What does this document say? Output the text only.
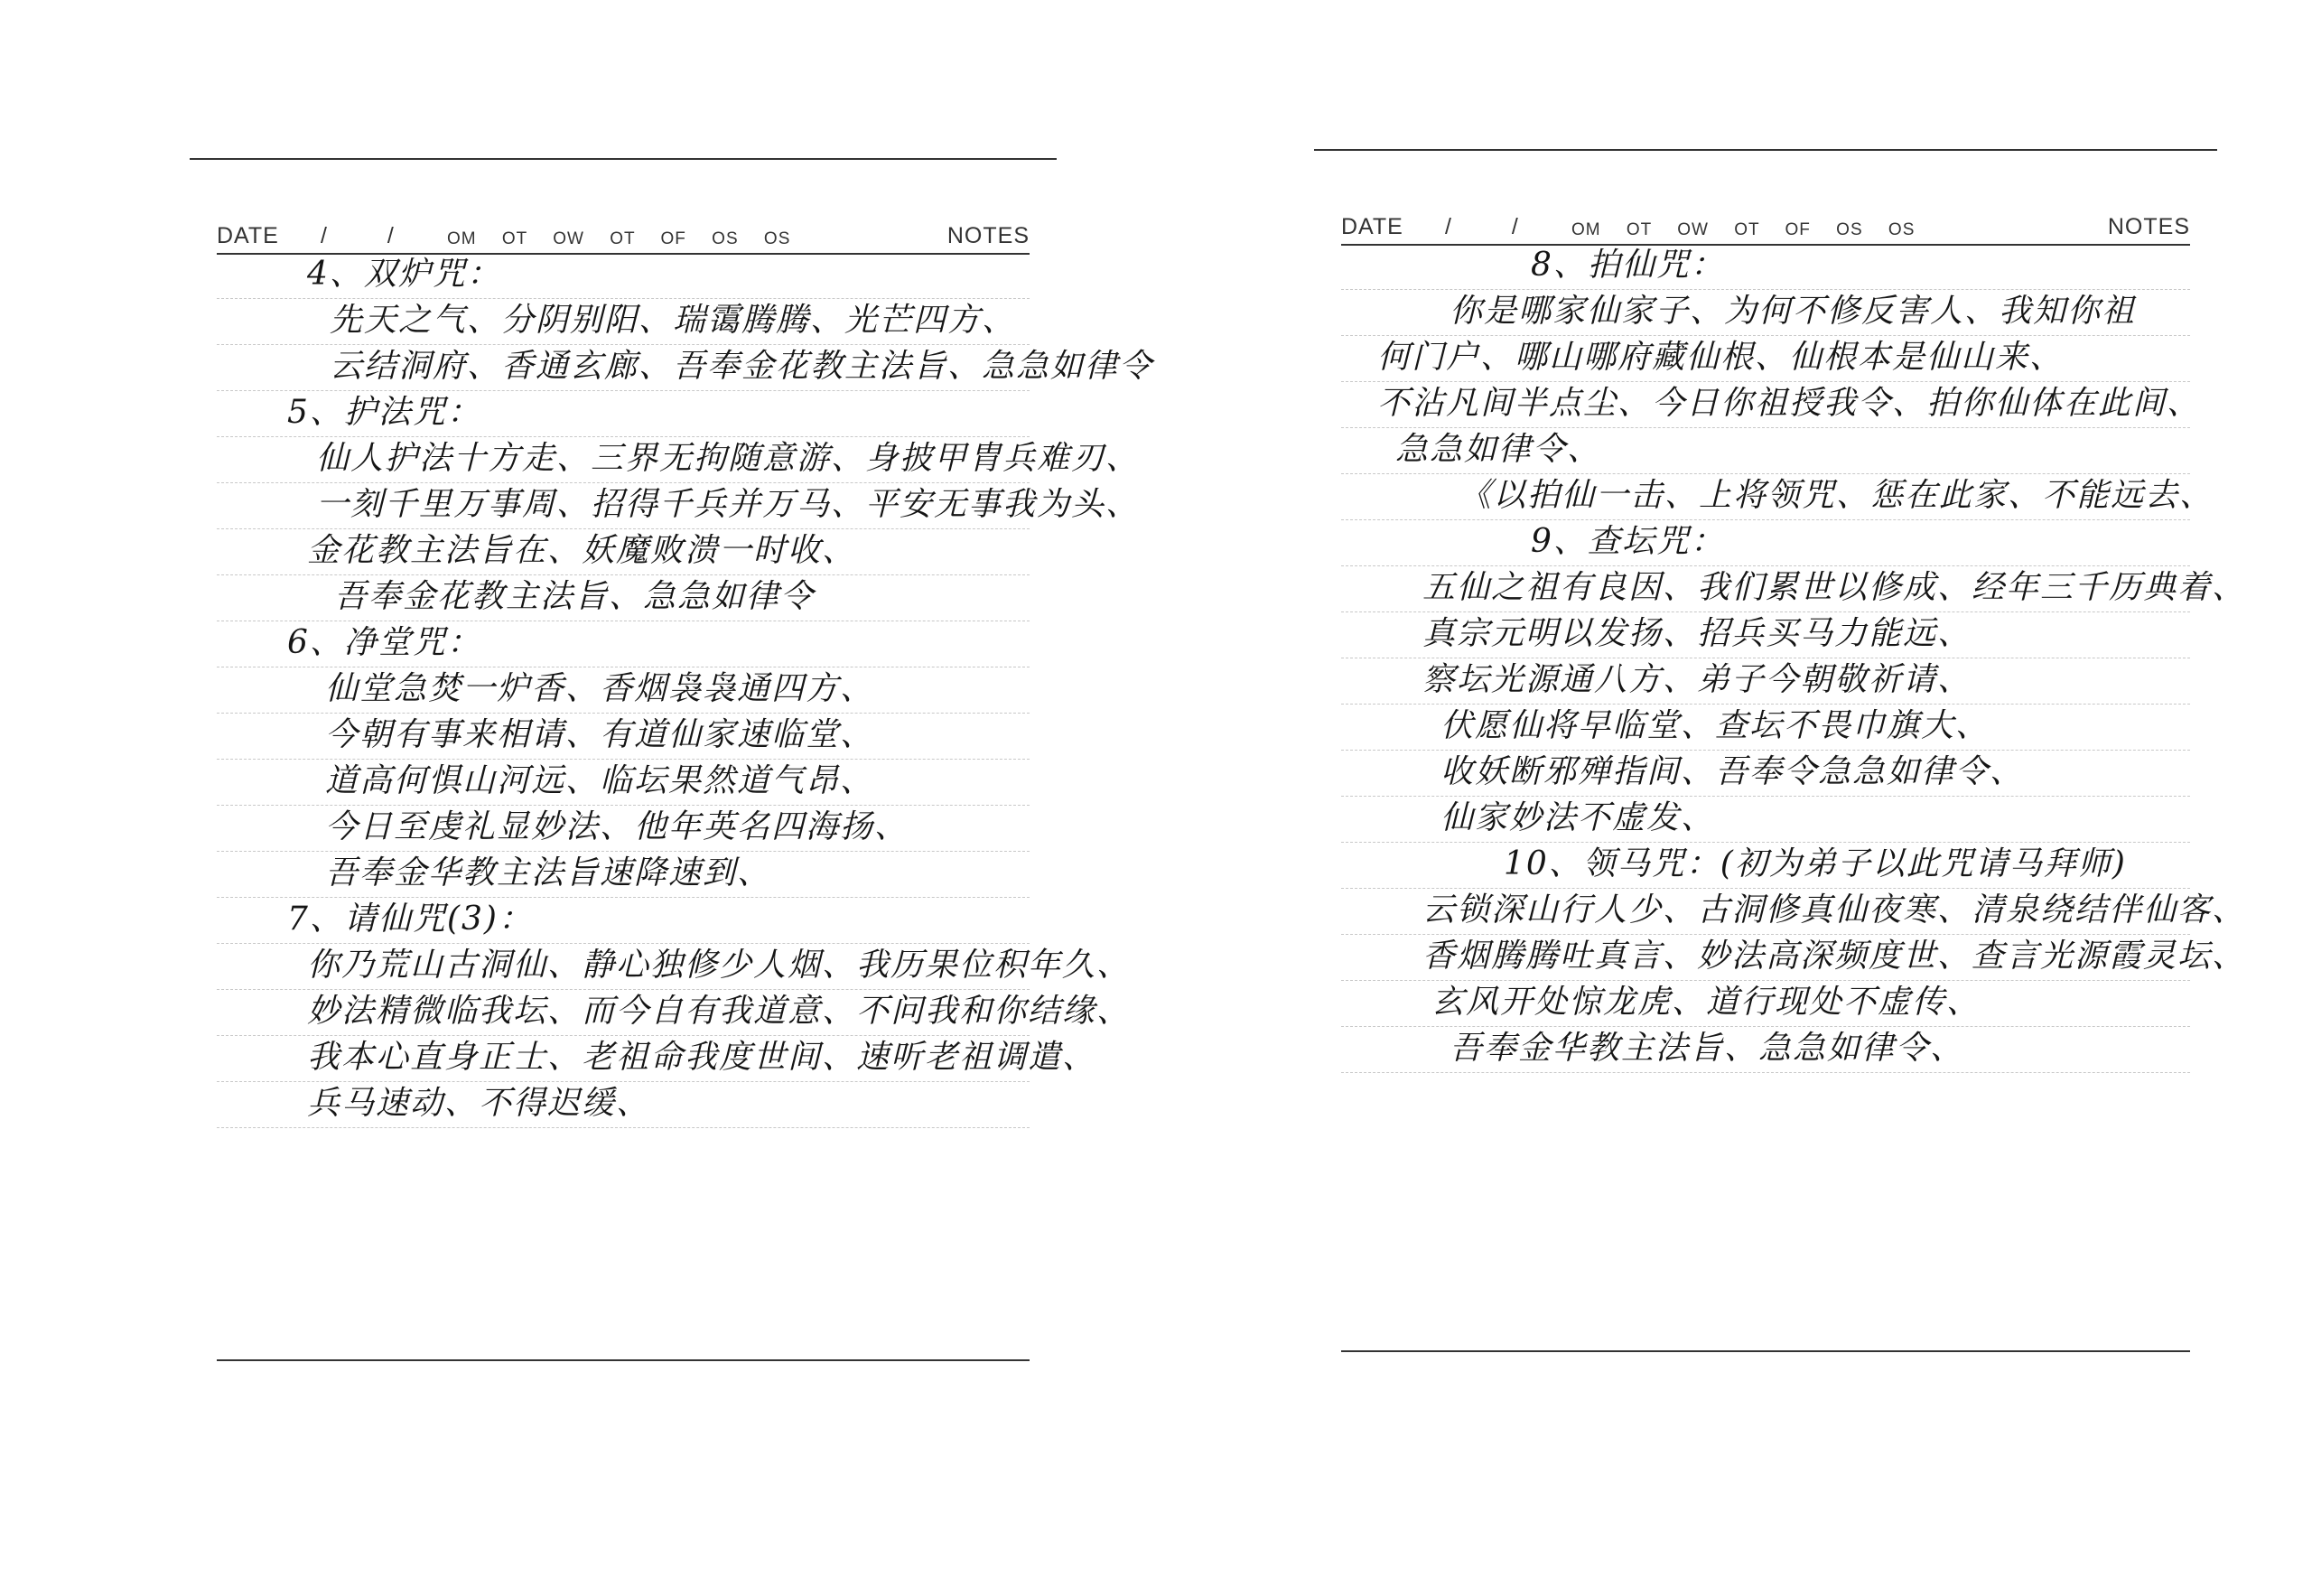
DATE / /	OM OT OW OT OF OS OS	NOTES
4、双炉咒：
先天之气、分阴别阳、瑞霭腾腾、光芒四方、
云结洞府、香通玄廊、吾奉金花教主法旨、急急如律令
5、护法咒：
仙人护法十方走、三界无拘随意游、身披甲胄兵难刃、
一刻千里万事周、招得千兵并万马、平安无事我为头、
金花教主法旨在、妖魔败溃一时收、
吾奉金花教主法旨、急急如律令
6、净堂咒：
仙堂急焚一炉香、香烟袅袅通四方、
今朝有事来相请、有道仙家速临堂、
道高何惧山河远、临坛果然道气昂、
今日至虔礼显妙法、他年英名四海扬、
吾奉金华教主法旨速降速到、
7、请仙咒(3)：
你乃荒山古洞仙、静心独修少人烟、我历果位积年久、
妙法精微临我坛、而今自有我道意、不问我和你结缘、
我本心直身正士、老祖命我度世间、速听老祖调遣、
兵马速动、不得迟缓、
DATE / /	OM OT OW OT OF OS OS	NOTES
8、拍仙咒：
你是哪家仙家子、为何不修反害人、我知你祖
何门户、哪山哪府藏仙根、仙根本是仙山来、
不沾凡间半点尘、今日你祖授我令、拍你仙体在此间、
急急如律令、
《以拍仙一击、上将领咒、惩在此家、不能远去、
9、查坛咒：
五仙之祖有良因、我们累世以修成、经年三千历典着、
真宗元明以发扬、招兵买马力能远、
察坛光源通八方、弟子今朝敬祈请、
伏愿仙将早临堂、查坛不畏巾旗大、
收妖断邪殚指间、吾奉令急急如律令、
仙家妙法不虚发、
10、领马咒：(初为弟子以此咒请马拜师)
云锁深山行人少、古洞修真仙夜寒、清泉绕结伴仙客、
香烟腾腾吐真言、妙法高深频度世、查言光源霞灵坛、
玄风开处惊龙虎、道行现处不虚传、
吾奉金华教主法旨、急急如律令、
